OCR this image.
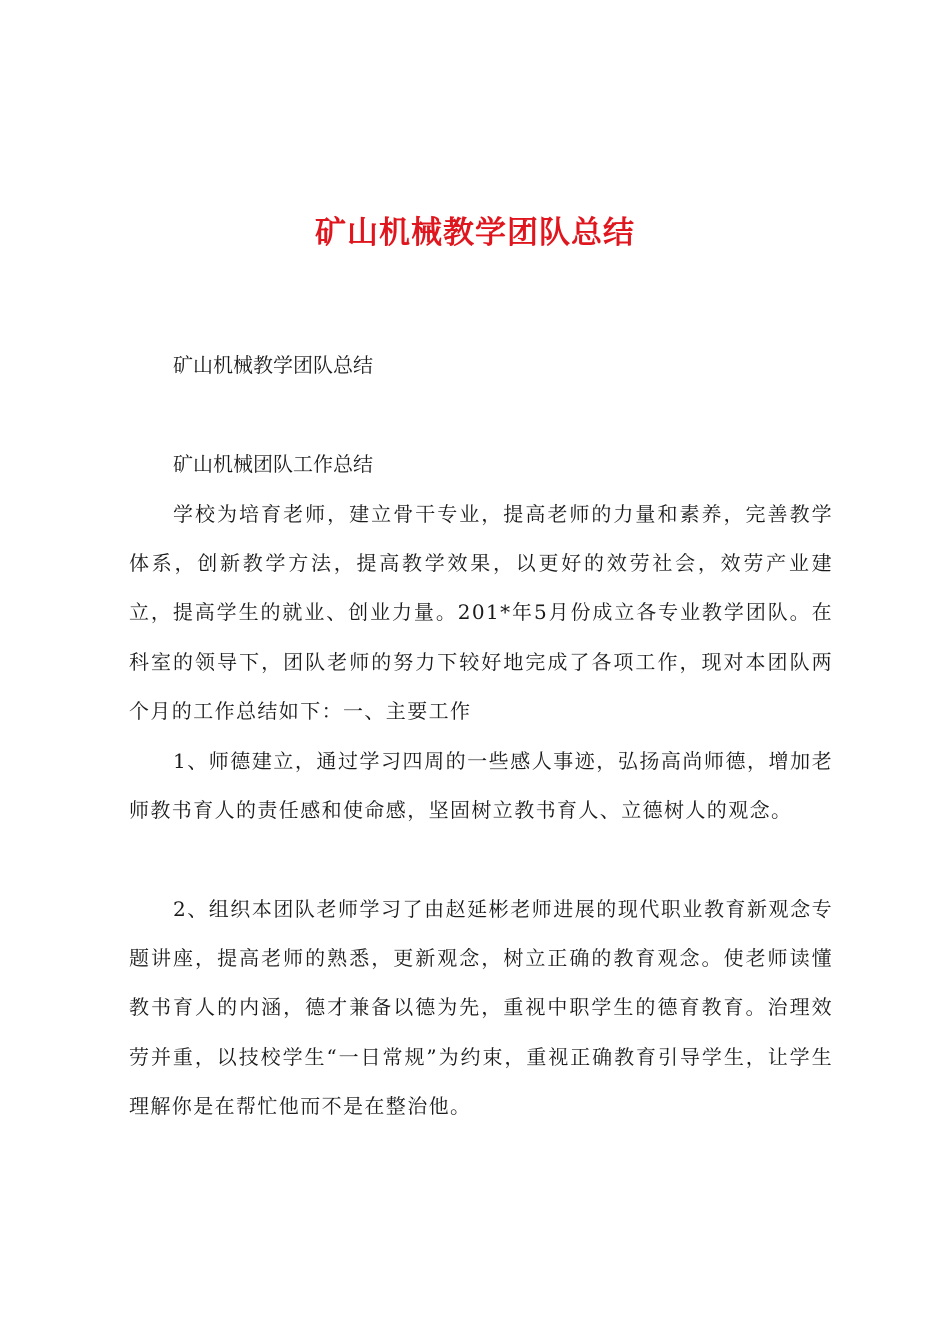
矿山机械教学团队总结

矿山机械教学团队总结

矿山机械团队工作总结

学校为培育老师，建立骨干专业，提高老师的力量和素养，完善教学体系，创新教学方法，提高教学效果，以更好的效劳社会，效劳产业建立，提高学生的就业、创业力量。201*年5月份成立各专业教学团队。在科室的领导下，团队老师的努力下较好地完成了各项工作，现对本团队两个月的工作总结如下：一、主要工作

1、师德建立，通过学习四周的一些感人事迹，弘扬高尚师德，增加老师教书育人的责任感和使命感，坚固树立教书育人、立德树人的观念。

2、组织本团队老师学习了由赵延彬老师进展的现代职业教育新观念专题讲座，提高老师的熟悉，更新观念，树立正确的教育观念。使老师读懂教书育人的内涵，德才兼备以德为先，重视中职学生的德育教育。治理效劳并重，以技校学生“一日常规”为约束，重视正确教育引导学生，让学生理解你是在帮忙他而不是在整治他。
